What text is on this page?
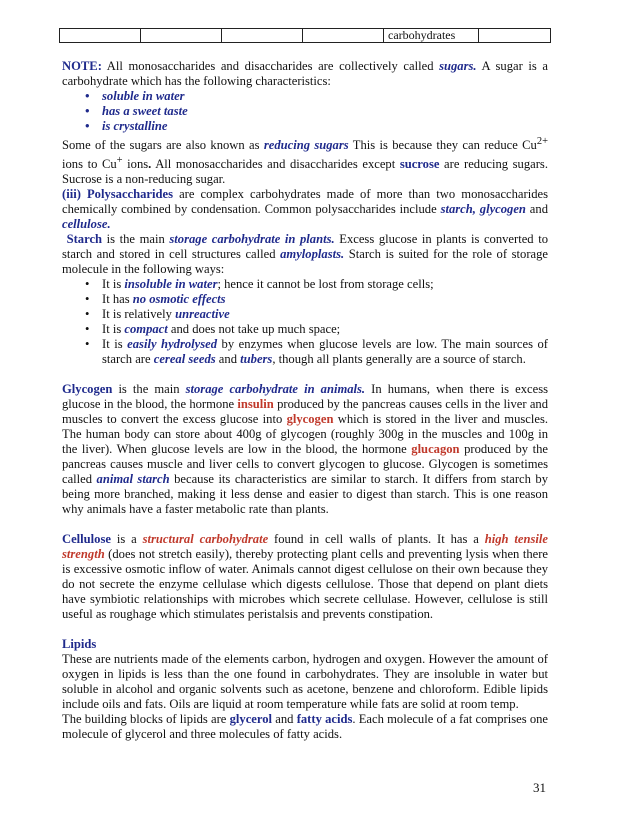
				carbohydrates	

NOTE: All monosaccharides and disaccharides are collectively called sugars. A sugar is a carbohydrate which has the following characteristics:

• soluble in water
• has a sweet taste
• is crystalline

Some of the sugars are also known as reducing sugars This is because they can reduce $Cu^{2+}$ ions to Cu+ ions. All monosaccharides and disaccharides except sucrose are reducing sugars. Sucrose is a non-reducing sugar.

(iii) Polysaccharides are complex carbohydrates made of more than two monosaccharides chemically combined by condensation. Common polysaccharides include starch, glycogen and cellulose.

Starch is the main storage carbohydrate in plants. Excess glucose in plants is converted to starch and stored in cell structures called amyloplasts. Starch is suited for the role of storage molecule in the following ways:

• It is insoluble in water; hence it cannot be lost from storage cells;
• It has no osmotic effects
• It is relatively unreactive
• It is compact and does not take up much space;
• It is easily hydrolysed by enzymes when glucose levels are low. The main sources of starch are cereal seeds and tubers, though all plants generally are a source of starch.

Glycogen is the main storage carbohydrate in animals. In humans, when there is excess glucose in the blood, the hormone insulin produced by the pancreas causes cells in the liver and muscles to convert the excess glucose into glycogen which is stored in the liver and muscles. The human body can store about 400g of glycogen (roughly 300g in the muscles and 100g in the liver). When glucose levels are low in the blood, the hormone glucagon produced by the pancreas causes muscle and liver cells to convert glycogen to glucose. Glycogen is sometimes called animal starch because its characteristics are similar to starch. It differs from starch by being more branched, making it less dense and easier to digest than starch. This is one reason why animals have a faster metabolic rate than plants.

Cellulose is a structural carbohydrate found in cell walls of plants. It has a high tensile strength (does not stretch easily), thereby protecting plant cells and preventing lysis when there is excessive osmotic inflow of water. Animals cannot digest cellulose on their own because they do not secrete the enzyme cellulase which digests cellulose. Those that depend on plant diets have symbiotic relationships with microbes which secrete cellulase. However, cellulose is still useful as roughage which stimulates peristalsis and prevents constipation.

Lipids

These are nutrients made of the elements carbon, hydrogen and oxygen. However the amount of oxygen in lipids is less than the one found in carbohydrates. They are insoluble in water but soluble in alcohol and organic solvents such as acetone, benzene and chloroform. Edible lipids include oils and fats. Oils are liquid at room temperature while fats are solid at room temp.

The building blocks of lipids are glycerol and fatty acids. Each molecule of a fat comprises one molecule of glycerol and three molecules of fatty acids.

31
